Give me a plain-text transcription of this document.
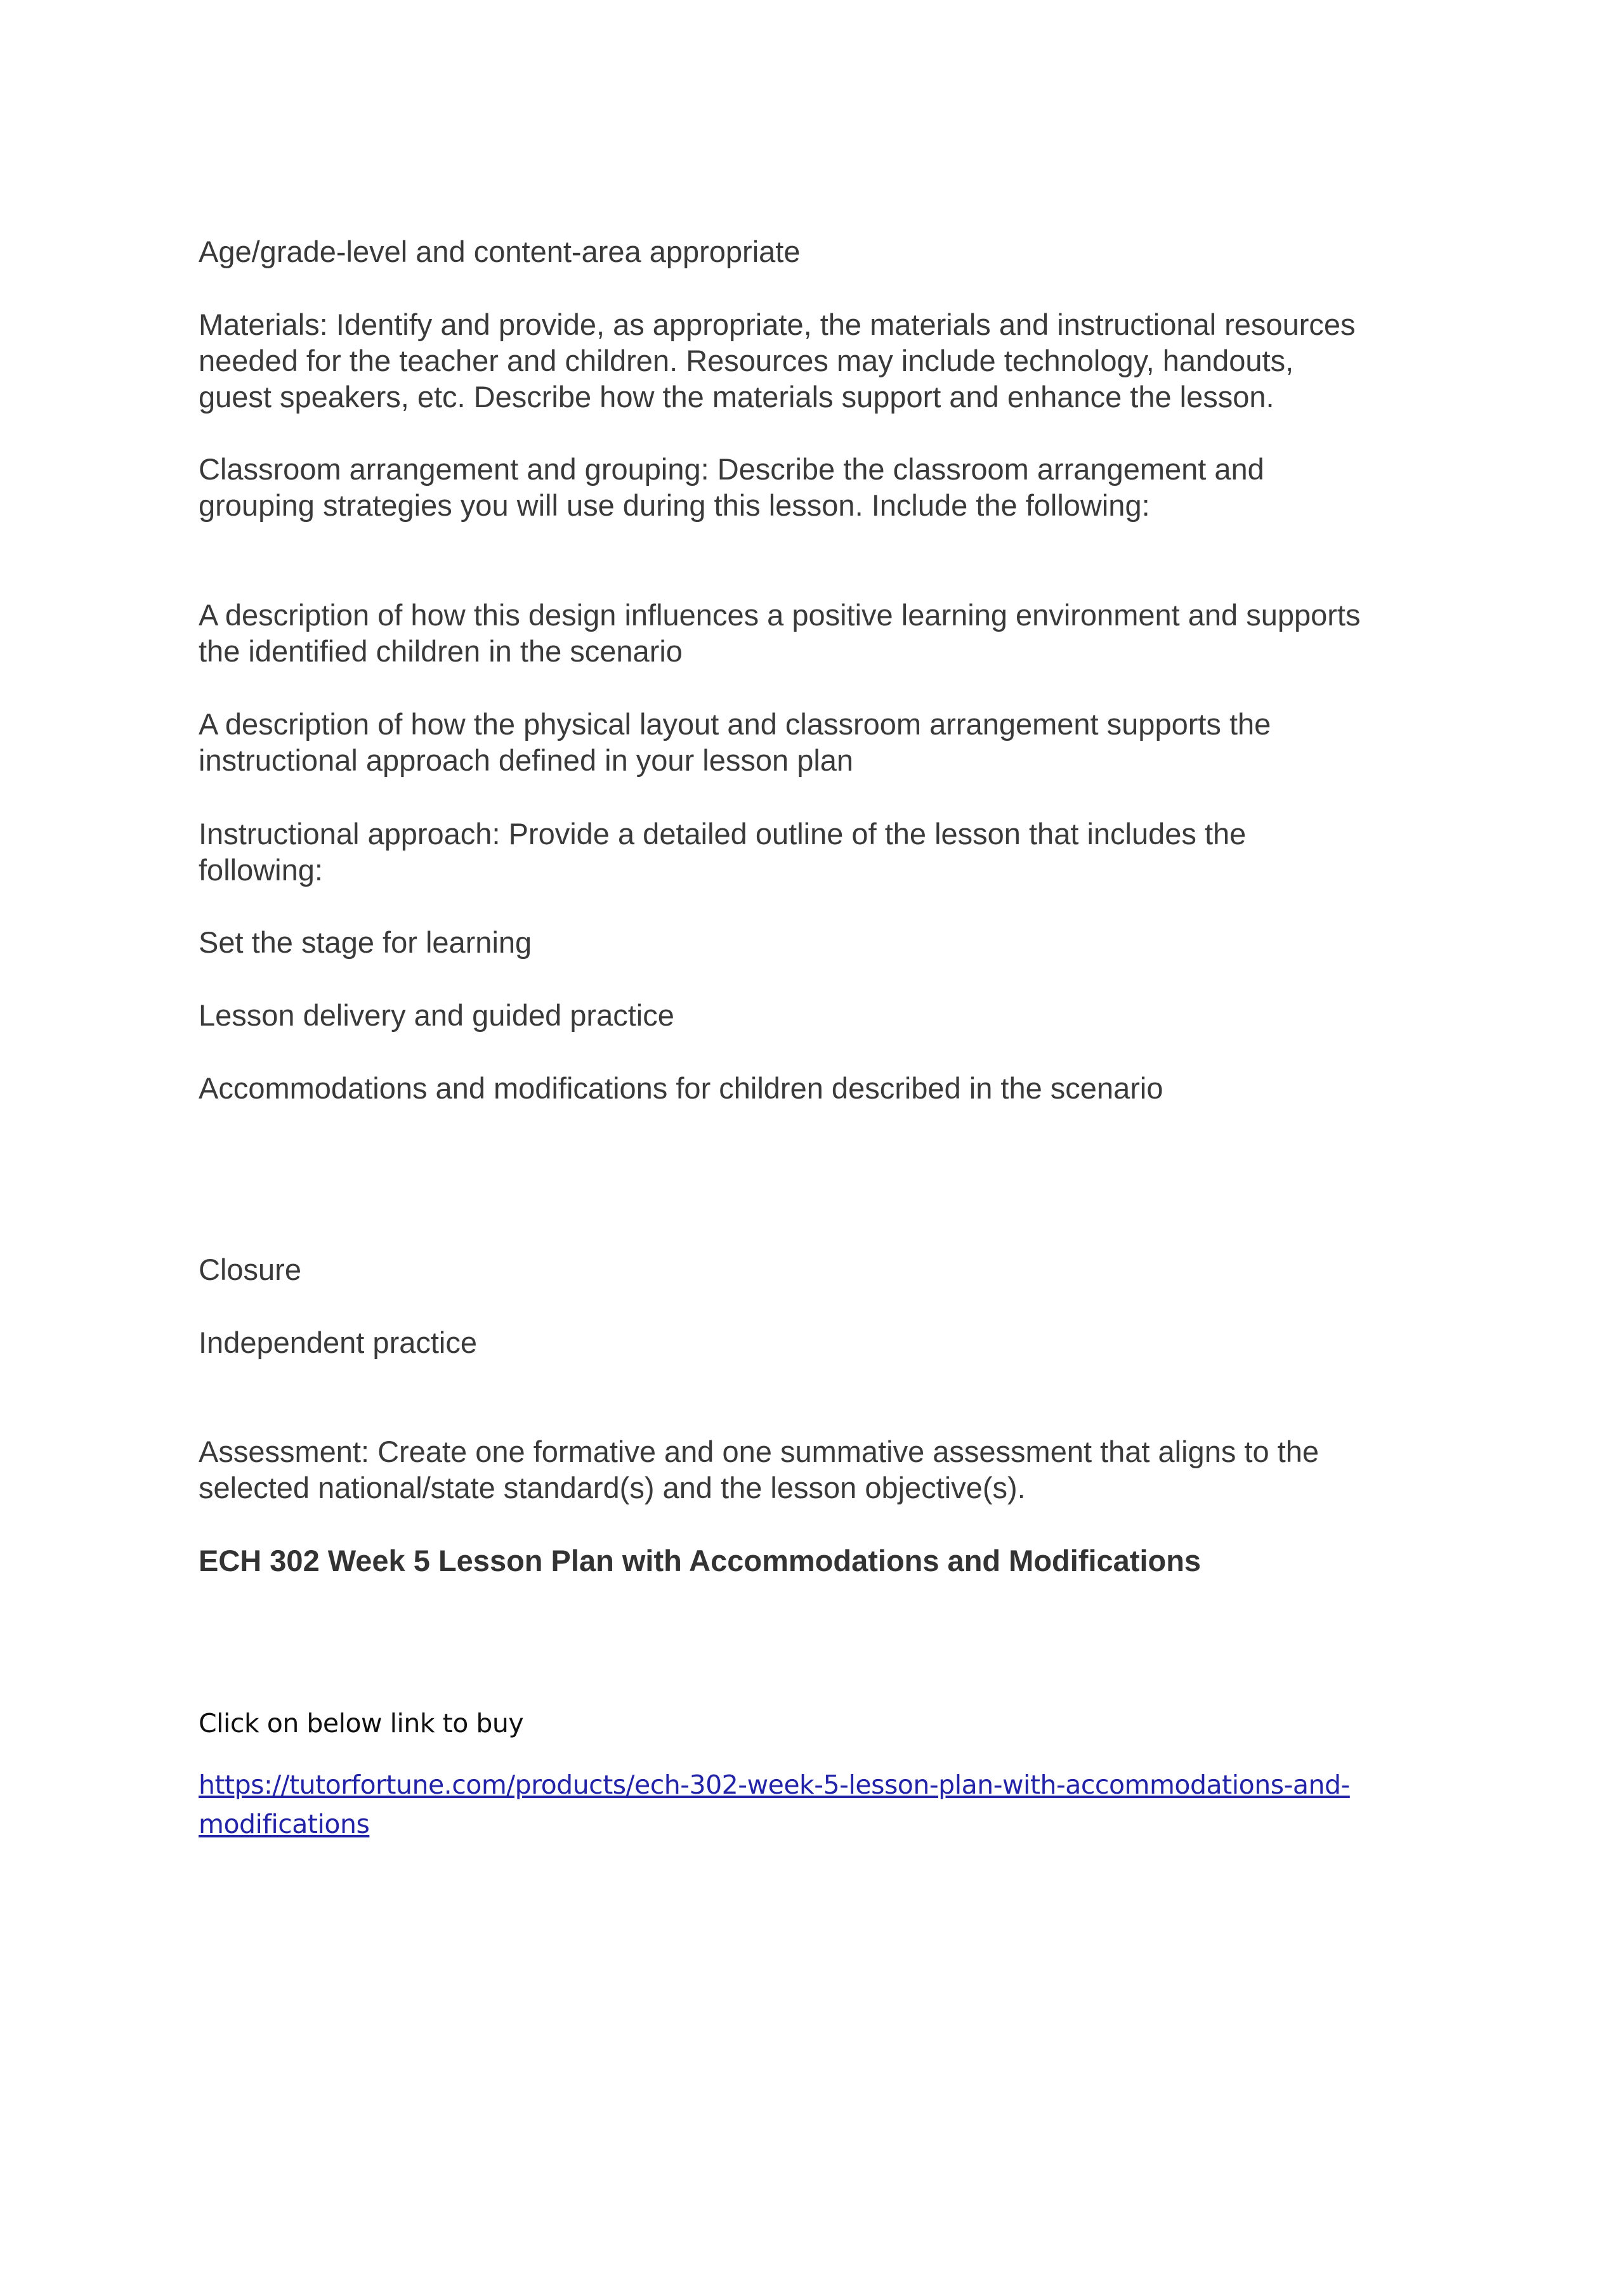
Age/grade-level and content-area appropriate

Materials: Identify and provide, as appropriate, the materials and instructional resources
needed for the teacher and children. Resources may include technology, handouts,
guest speakers, etc. Describe how the materials support and enhance the lesson.

Classroom arrangement and grouping: Describe the classroom arrangement and
grouping strategies you will use during this lesson. Include the following:

A description of how this design influences a positive learning environment and supports
the identified children in the scenario

A description of how the physical layout and classroom arrangement supports the
instructional approach defined in your lesson plan

Instructional approach: Provide a detailed outline of the lesson that includes the
following:

Set the stage for learning

Lesson delivery and guided practice

Accommodations and modifications for children described in the scenario

Closure

Independent practice

Assessment: Create one formative and one summative assessment that aligns to the
selected national/state standard(s) and the lesson objective(s).

ECH 302 Week 5 Lesson Plan with Accommodations and Modifications

Click on below link to buy

https://tutorfortune.com/products/ech-302-week-5-lesson-plan-with-accommodations-and-
modifications
